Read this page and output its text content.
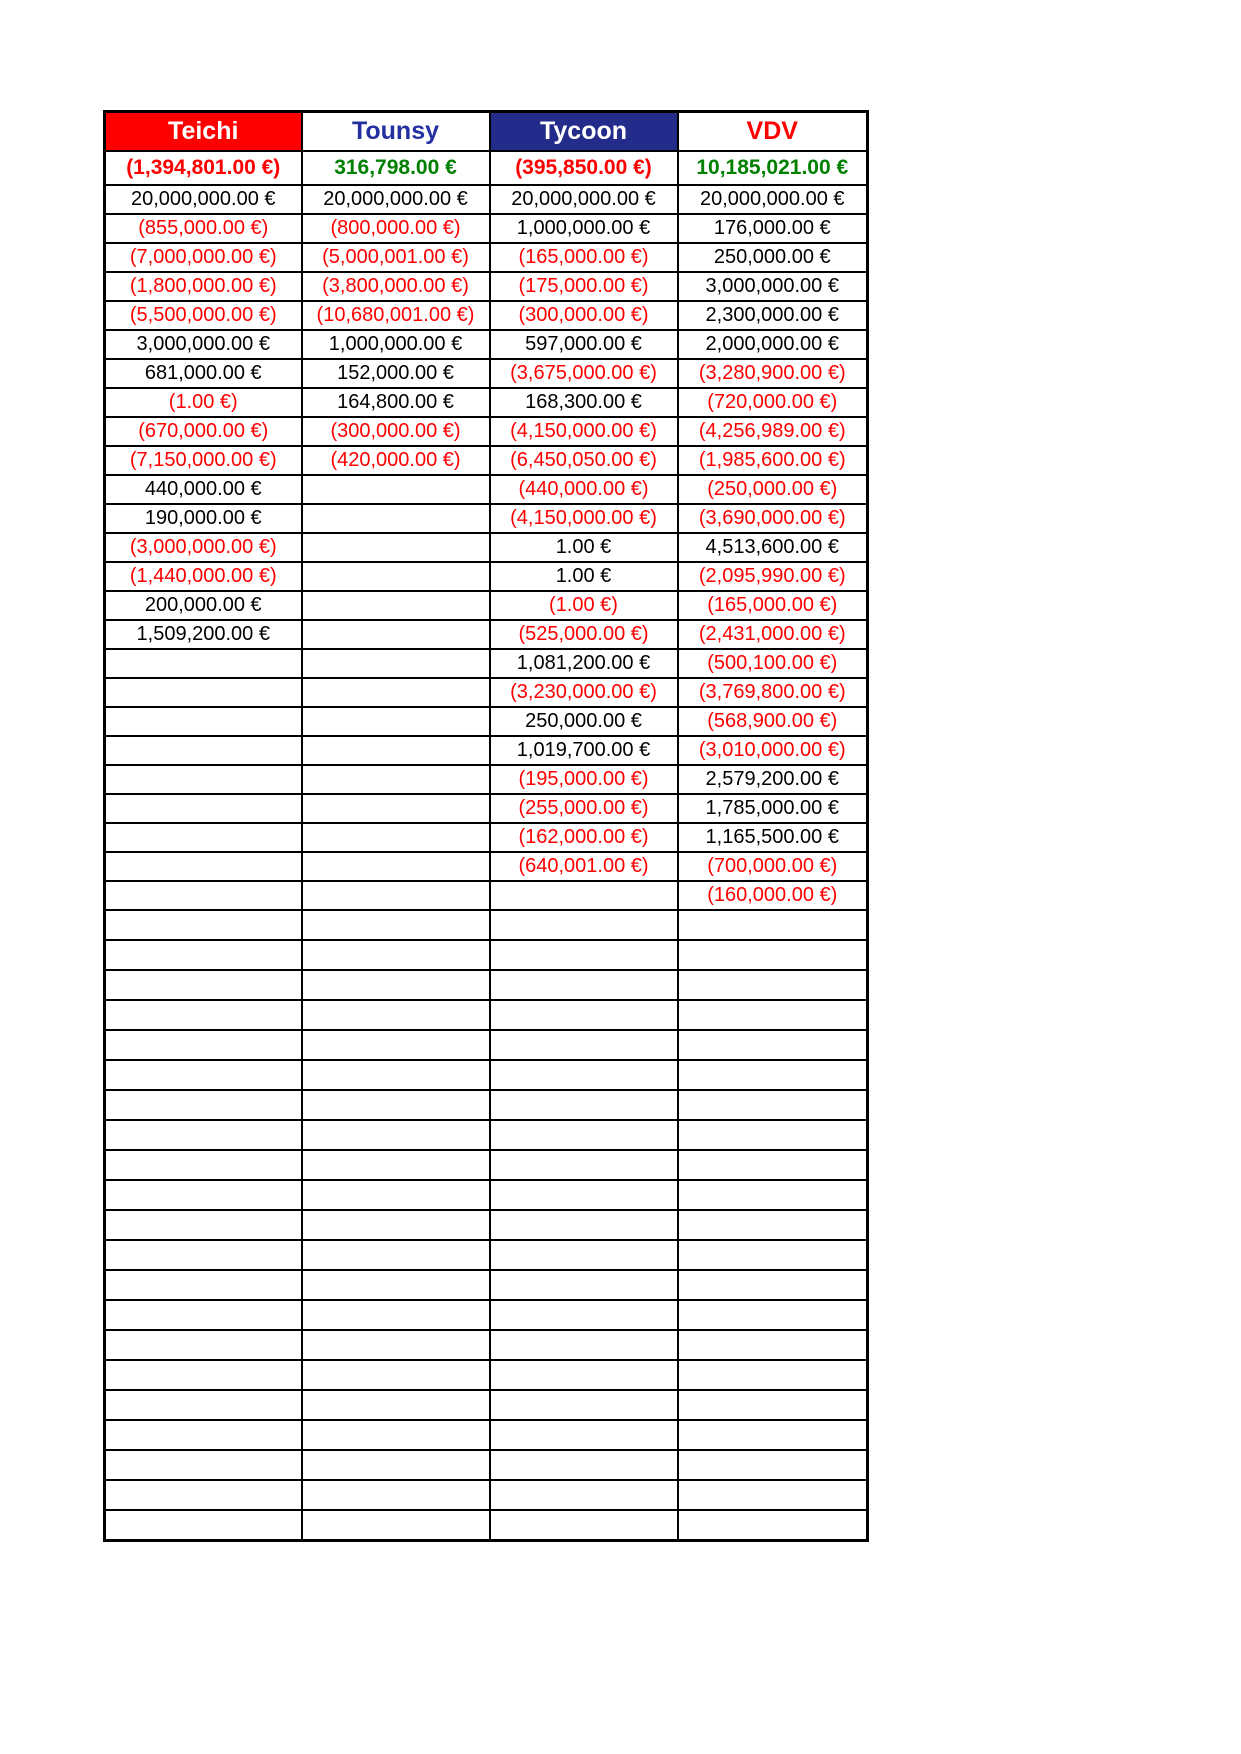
Teichi	Tounsy	Tycoon	VDV
(1,394,801.00 €)	316,798.00 €	(395,850.00 €)	10,185,021.00 €
20,000,000.00 €	20,000,000.00 €	20,000,000.00 €	20,000,000.00 €
(855,000.00 €)	(800,000.00 €)	1,000,000.00 €	176,000.00 €
(7,000,000.00 €)	(5,000,001.00 €)	(165,000.00 €)	250,000.00 €
(1,800,000.00 €)	(3,800,000.00 €)	(175,000.00 €)	3,000,000.00 €
(5,500,000.00 €)	(10,680,001.00 €)	(300,000.00 €)	2,300,000.00 €
3,000,000.00 €	1,000,000.00 €	597,000.00 €	2,000,000.00 €
681,000.00 €	152,000.00 €	(3,675,000.00 €)	(3,280,900.00 €)
(1.00 €)	164,800.00 €	168,300.00 €	(720,000.00 €)
(670,000.00 €)	(300,000.00 €)	(4,150,000.00 €)	(4,256,989.00 €)
(7,150,000.00 €)	(420,000.00 €)	(6,450,050.00 €)	(1,985,600.00 €)
440,000.00 €		(440,000.00 €)	(250,000.00 €)
190,000.00 €		(4,150,000.00 €)	(3,690,000.00 €)
(3,000,000.00 €)		1.00 €	4,513,600.00 €
(1,440,000.00 €)		1.00 €	(2,095,990.00 €)
200,000.00 €		(1.00 €)	(165,000.00 €)
1,509,200.00 €		(525,000.00 €)	(2,431,000.00 €)
		1,081,200.00 €	(500,100.00 €)
		(3,230,000.00 €)	(3,769,800.00 €)
		250,000.00 €	(568,900.00 €)
		1,019,700.00 €	(3,010,000.00 €)
		(195,000.00 €)	2,579,200.00 €
		(255,000.00 €)	1,785,000.00 €
		(162,000.00 €)	1,165,500.00 €
		(640,001.00 €)	(700,000.00 €)
			(160,000.00 €)
